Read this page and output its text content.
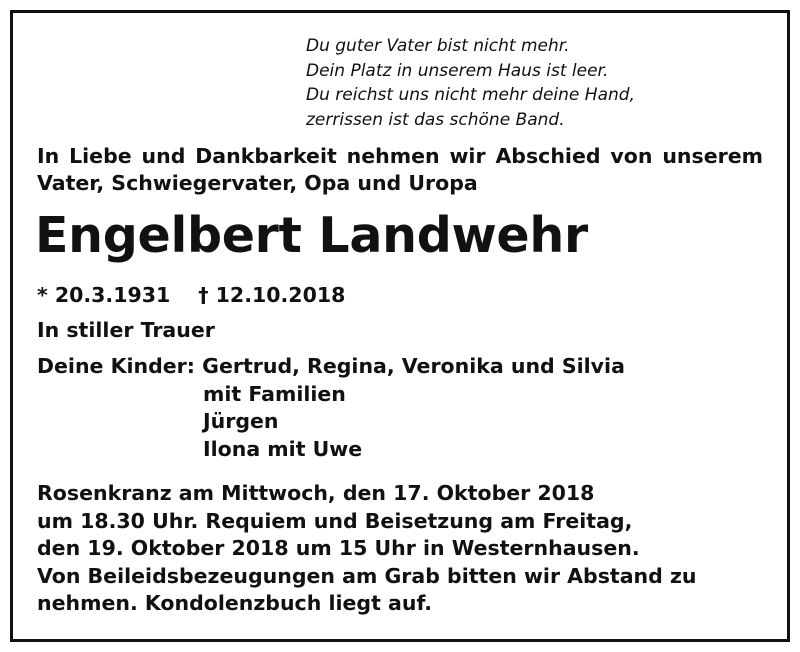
Du guter Vater bist nicht mehr.
Dein Platz in unserem Haus ist leer.
Du reichst uns nicht mehr deine Hand,
zerrissen ist das schöne Band.
In Liebe und Dankbarkeit nehmen wir Abschied von unserem
Vater, Schwiegervater, Opa und Uropa
Engelbert Landwehr
* 20.3.1931 † 12.10.2018
In stiller Trauer
Deine Kinder: Gertrud, Regina, Veronika und Silvia
mit Familien
Jürgen
Ilona mit Uwe
Rosenkranz am Mittwoch, den 17. Oktober 2018
um 18.30 Uhr. Requiem und Beisetzung am Freitag,
den 19. Oktober 2018 um 15 Uhr in Westernhausen.
Von Beileidsbezeugungen am Grab bitten wir Abstand zu
nehmen. Kondolenzbuch liegt auf.
